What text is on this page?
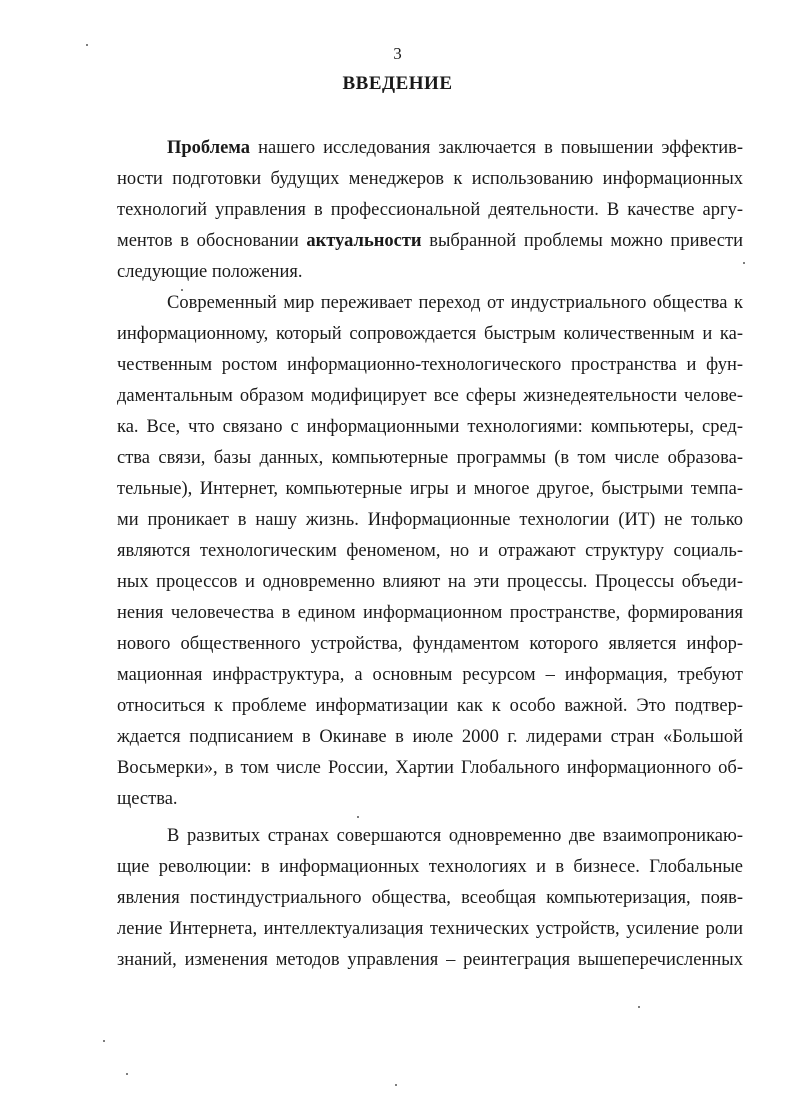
3
ВВЕДЕНИЕ
Проблема нашего исследования заключается в повышении эффектив-
ности подготовки будущих менеджеров к использованию информационных
технологий управления в профессиональной деятельности. В качестве аргу-
ментов в обосновании актуальности выбранной проблемы можно привести
следующие положения.
Современный мир переживает переход от индустриального общества к
информационному, который сопровождается быстрым количественным и ка-
чественным ростом информационно-технологического пространства и фун-
даментальным образом модифицирует все сферы жизнедеятельности челове-
ка. Все, что связано с информационными технологиями: компьютеры, сред-
ства связи, базы данных, компьютерные программы (в том числе образова-
тельные), Интернет, компьютерные игры и многое другое, быстрыми темпа-
ми проникает в нашу жизнь. Информационные технологии (ИТ) не только
являются технологическим феноменом, но и отражают структуру социаль-
ных процессов и одновременно влияют на эти процессы. Процессы объеди-
нения человечества в едином информационном пространстве, формирования
нового общественного устройства, фундаментом которого является инфор-
мационная инфраструктура, а основным ресурсом – информация, требуют
относиться к проблеме информатизации как к особо важной. Это подтвер-
ждается подписанием в Окинаве в июле 2000 г. лидерами стран «Большой
Восьмерки», в том числе России, Хартии Глобального информационного об-
щества.
В развитых странах совершаются одновременно две взаимопроникаю-
щие революции: в информационных технологиях и в бизнесе. Глобальные
явления постиндустриального общества, всеобщая компьютеризация, появ-
ление Интернета, интеллектуализация технических устройств, усиление роли
знаний, изменения методов управления – реинтеграция вышеперечисленных
